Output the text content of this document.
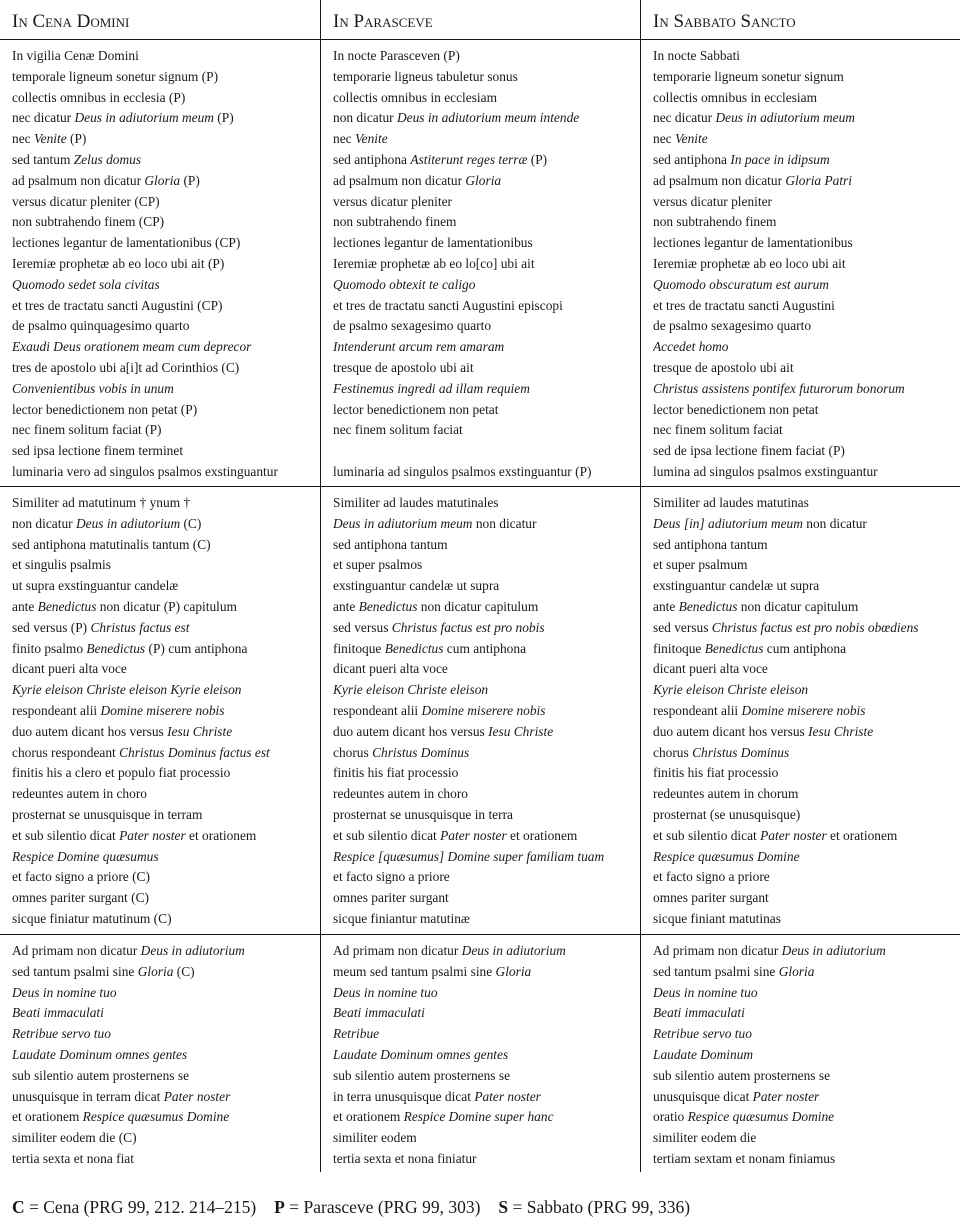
In Cena Domini
In vigilia Cenæ Domini
temporale ligneum sonetur signum (P)
collectis omnibus in ecclesia (P)
nec dicatur Deus in adiutorium meum (P)
nec Venite (P)
sed tantum Zelus domus
ad psalmum non dicatur Gloria (P)
versus dicatur pleniter (CP)
non subtrahendo finem (CP)
lectiones legantur de lamentationibus (CP)
Ieremiæ prophetæ ab eo loco ubi ait (P)
Quomodo sedet sola civitas
et tres de tractatu sancti Augustini (CP)
de psalmo quinquagesimo quarto
Exaudi Deus orationem meam cum deprecor
tres de apostolo ubi a[i]t ad Corinthios (C)
Convenientibus vobis in unum
lector benedictionem non petat (P)
nec finem solitum faciat (P)
sed ipsa lectione finem terminet
luminaria vero ad singulos psalmos exstinguantur
Similiter ad matutinum † ynum †
non dicatur Deus in adiutorium (C)
sed antiphona matutinalis tantum (C)
et singulis psalmis
ut supra exstinguantur candelæ
ante Benedictus non dicatur (P) capitulum
sed versus (P) Christus factus est
finito psalmo Benedictus (P) cum antiphona
dicant pueri alta voce
Kyrie eleison Christe eleison Kyrie eleison
respondeant alii Domine miserere nobis
duo autem dicant hos versus Iesu Christe
chorus respondeant Christus Dominus factus est
finitis his a clero et populo fiat processio
redeuntes autem in choro
prosternat se unusquisque in terram
et sub silentio dicat Pater noster et orationem
Respice Domine quæsumus
et facto signo a priore (C)
omnes pariter surgant (C)
sicque finiatur matutinum (C)
Ad primam non dicatur Deus in adiutorium
sed tantum psalmi sine Gloria (C)
Deus in nomine tuo
Beati immaculati
Retribue servo tuo
Laudate Dominum omnes gentes
sub silentio autem prosternens se
unusquisque in terram dicat Pater noster
et orationem Respice quæsumus Domine
similiter eodem die (C)
tertia sexta et nona fiat
In Parasceve
In nocte Parasceven (P)
temporarie ligneus tabuletur sonus
collectis omnibus in ecclesiam
non dicatur Deus in adiutorium meum intende
nec Venite
sed antiphona Astiterunt reges terræ (P)
ad psalmum non dicatur Gloria
versus dicatur pleniter
non subtrahendo finem
lectiones legantur de lamentationibus
Ieremiæ prophetæ ab eo lo[co] ubi ait
Quomodo obtexit te caligo
et tres de tractatu sancti Augustini episcopi
de psalmo sexagesimo quarto
Intenderunt arcum rem amaram
tresque de apostolo ubi ait
Festinemus ingredi ad illam requiem
lector benedictionem non petat
nec finem solitum faciat
luminaria ad singulos psalmos exstinguantur (P)
Similiter ad laudes matutinales
Deus in adiutorium meum non dicatur
sed antiphona tantum
et super psalmos
exstinguantur candelæ ut supra
ante Benedictus non dicatur capitulum
sed versus Christus factus est pro nobis
finitoque Benedictus cum antiphona
dicant pueri alta voce
Kyrie eleison Christe eleison
respondeant alii Domine miserere nobis
duo autem dicant hos versus Iesu Christe
chorus Christus Dominus
finitis his fiat processio
redeuntes autem in choro
prosternat se unusquisque in terra
et sub silentio dicat Pater noster et orationem
Respice [quæsumus] Domine super familiam tuam
et facto signo a priore
omnes pariter surgant
sicque finiantur matutinæ
Ad primam non dicatur Deus in adiutorium
meum sed tantum psalmi sine Gloria
Deus in nomine tuo
Beati immaculati
Retribue
Laudate Dominum omnes gentes
sub silentio autem prosternens se
in terra unusquisque dicat Pater noster
et orationem Respice Domine super hanc
similiter eodem
tertia sexta et nona finiatur
In Sabbato Sancto
In nocte Sabbati
temporarie ligneum sonetur signum
collectis omnibus in ecclesiam
nec dicatur Deus in adiutorium meum
nec Venite
sed antiphona In pace in idipsum
ad psalmum non dicatur Gloria Patri
versus dicatur pleniter
non subtrahendo finem
lectiones legantur de lamentationibus
Ieremiæ prophetæ ab eo loco ubi ait
Quomodo obscuratum est aurum
et tres de tractatu sancti Augustini
de psalmo sexagesimo quarto
Accedet homo
tresque de apostolo ubi ait
Christus assistens pontifex futurorum bonorum
lector benedictionem non petat
nec finem solitum faciat
sed de ipsa lectione finem faciat (P)
lumina ad singulos psalmos exstinguantur
Similiter ad laudes matutinas
Deus [in] adiutorium meum non dicatur
sed antiphona tantum
et super psalmum
exstinguantur candelæ ut supra
ante Benedictus non dicatur capitulum
sed versus Christus factus est pro nobis obœdiens
finitoque Benedictus cum antiphona
dicant pueri alta voce
Kyrie eleison Christe eleison
respondeant alii Domine miserere nobis
duo autem dicant hos versus Iesu Christe
chorus Christus Dominus
finitis his fiat processio
redeuntes autem in chorum
prosternat (se unusquisque)
et sub silentio dicat Pater noster et orationem
Respice quæsumus Domine
et facto signo a priore
omnes pariter surgant
sicque finiant matutinas
Ad primam non dicatur Deus in adiutorium
sed tantum psalmi sine Gloria
Deus in nomine tuo
Beati immaculati
Retribue servo tuo
Laudate Dominum
sub silentio autem prosternens se
unusquisque dicat Pater noster
oratio Respice quæsumus Domine
similiter eodem die
tertiam sextam et nonam finiamus
C = Cena (PRG 99, 212. 214–215) P = Parasceve (PRG 99, 303) S = Sabbato (PRG 99, 336)
